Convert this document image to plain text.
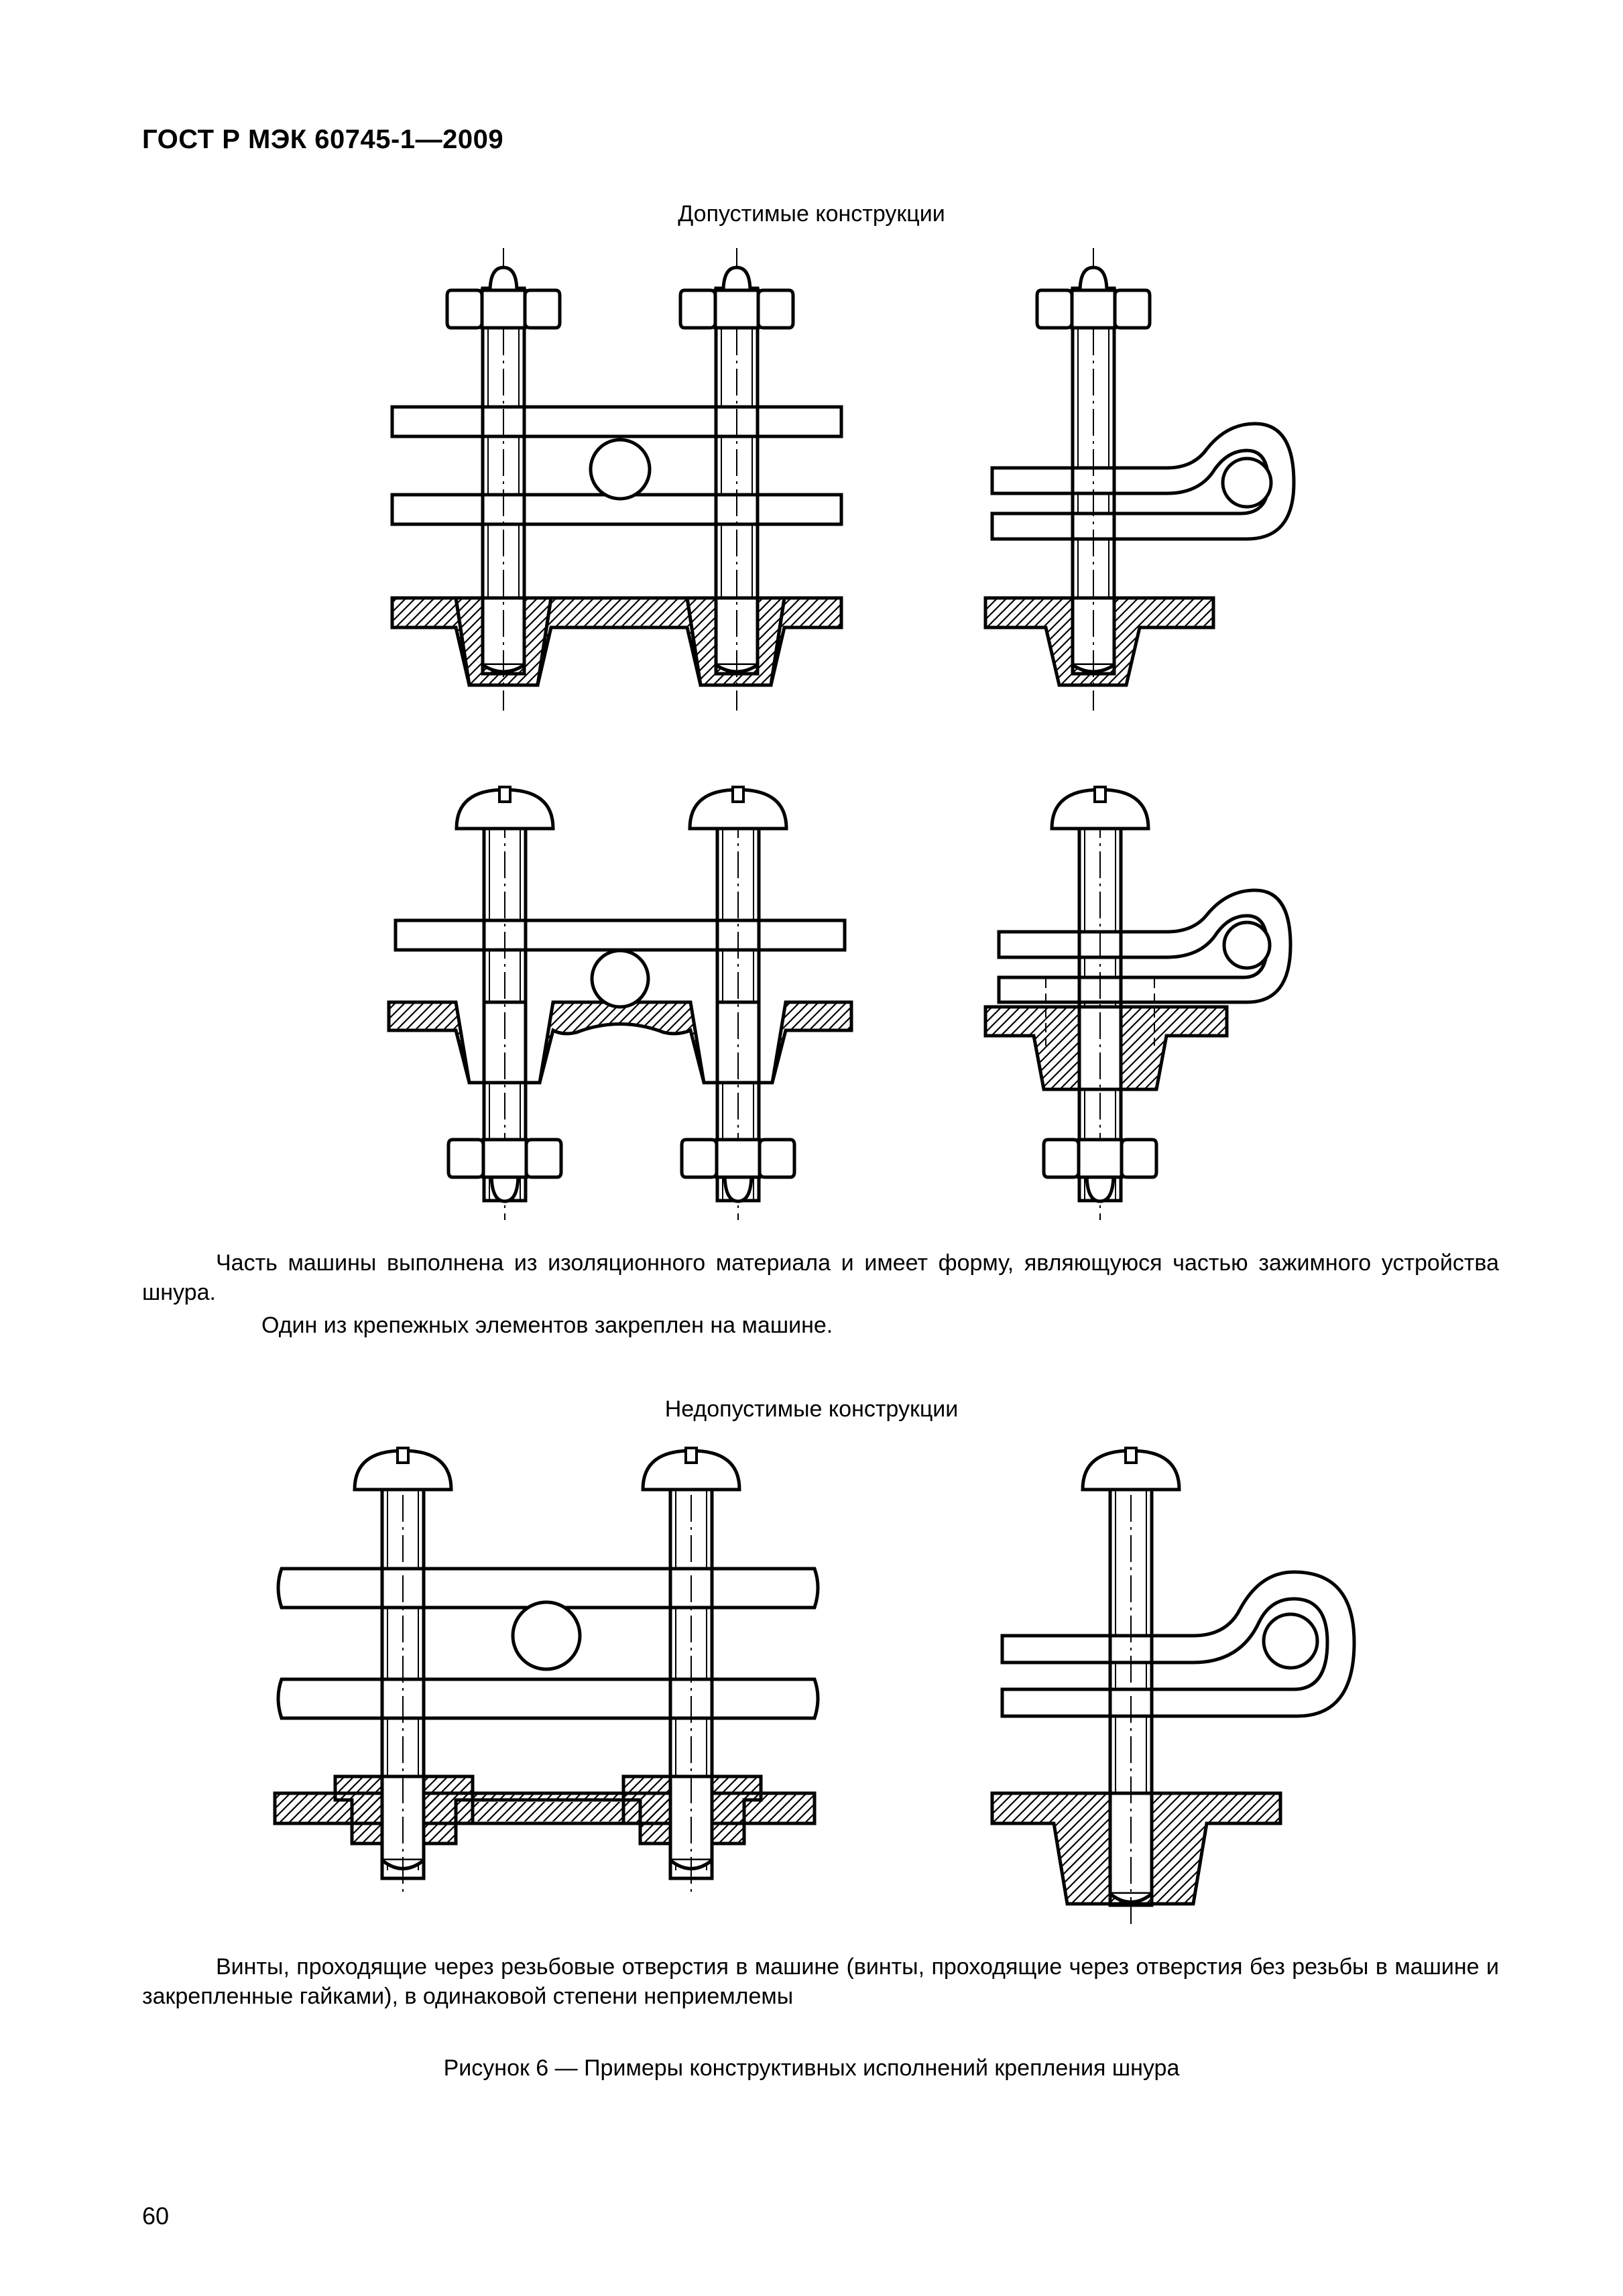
ГОСТ Р МЭК 60745-1—2009
Допустимые конструкции
Часть машины выполнена из изоляционного материала и имеет форму, являющуюся частью зажимного устройства шнура.
Один из крепежных элементов закреплен на машине.
Недопустимые конструкции
Винты, проходящие через резьбовые отверстия в машине (винты, проходящие через отверстия без резьбы в машине и закрепленные гайками), в одинаковой степени неприемлемы
Рисунок 6 — Примеры конструктивных исполнений крепления шнура
60
